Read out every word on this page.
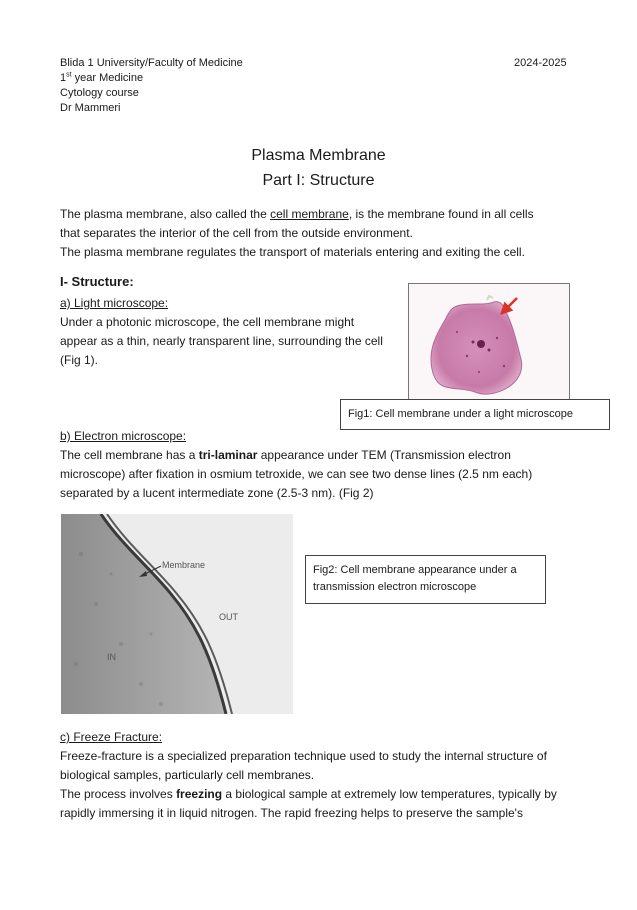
Blida 1 University/Faculty of Medicine
1st year Medicine
Cytology course
Dr Mammeri
2024-2025
Plasma Membrane
Part I: Structure
The plasma membrane, also called the cell membrane, is the membrane found in all cells
that separates the interior of the cell from the outside environment.
The plasma membrane regulates the transport of materials entering and exiting the cell.
I- Structure:
a) Light microscope:
Under a photonic microscope, the cell membrane might
appear as a thin, nearly transparent line, surrounding the cell
(Fig 1).
Fig1: Cell membrane under a light microscope
b) Electron microscope:
The cell membrane has a tri-laminar appearance under TEM (Transmission electron
microscope) after fixation in osmium tetroxide, we can see two dense lines (2.5 nm each)
separated by a lucent intermediate zone (2.5-3 nm). (Fig 2)
Membrane
OUT
IN
Fig2: Cell membrane appearance under a
transmission electron microscope
c) Freeze Fracture:
Freeze-fracture is a specialized preparation technique used to study the internal structure of
biological samples, particularly cell membranes.
The process involves freezing a biological sample at extremely low temperatures, typically by
rapidly immersing it in liquid nitrogen. The rapid freezing helps to preserve the sample's
